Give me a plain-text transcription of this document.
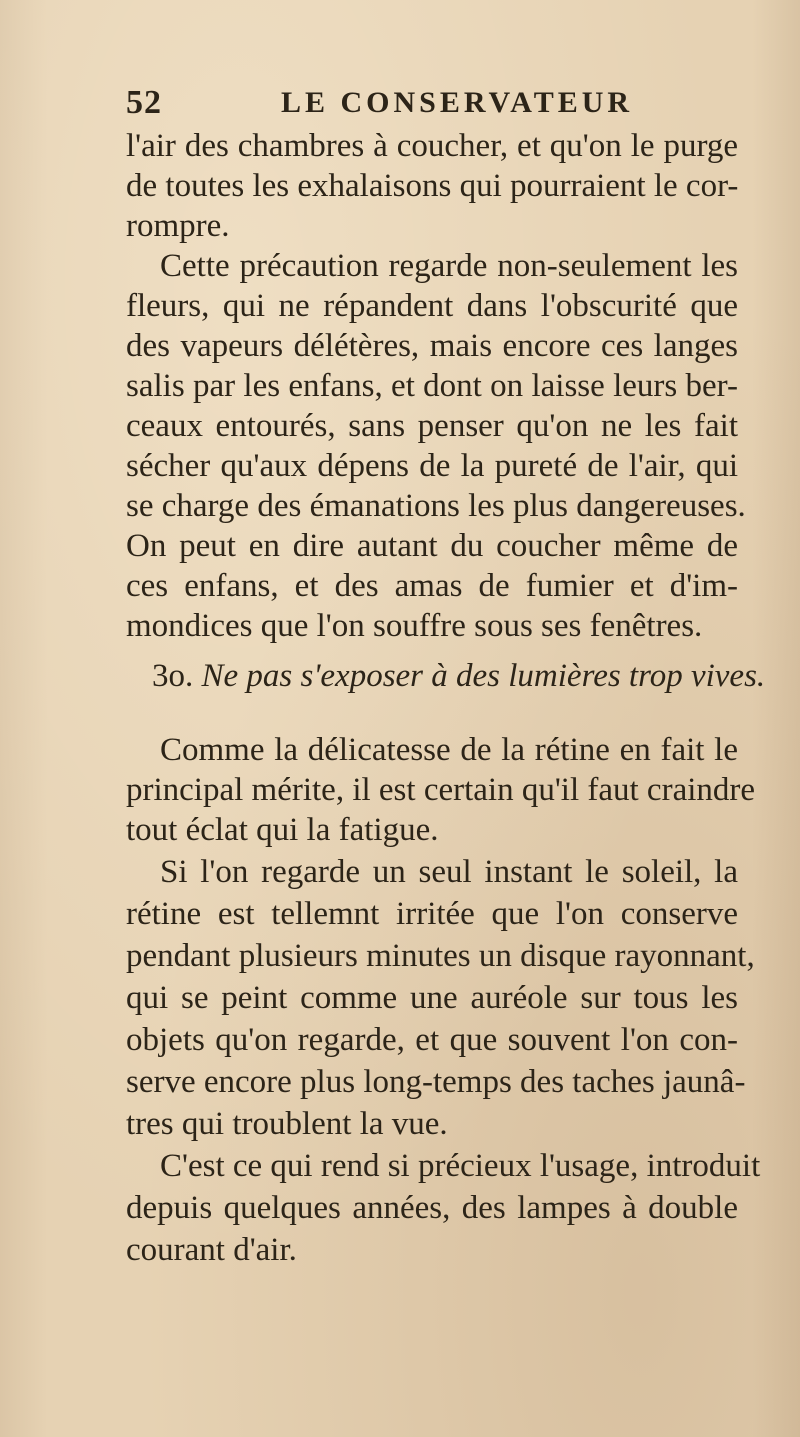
52	LE CONSERVATEUR
l'air des chambres à coucher, et qu'on le purge
de toutes les exhalaisons qui pourraient le cor-
rompre.
Cette précaution regarde non-seulement les
fleurs, qui ne répandent dans l'obscurité que
des vapeurs délétères, mais encore ces langes
salis par les enfans, et dont on laisse leurs ber-
ceaux entourés, sans penser qu'on ne les fait
sécher qu'aux dépens de la pureté de l'air, qui
se charge des émanations les plus dangereuses.
On peut en dire autant du coucher même de
ces enfans, et des amas de fumier et d'im-
mondices que l'on souffre sous ses fenêtres.
3o. Ne pas s'exposer à des lumières trop vives.
Comme la délicatesse de la rétine en fait le
principal mérite, il est certain qu'il faut craindre
tout éclat qui la fatigue.
Si l'on regarde un seul instant le soleil, la
rétine est tellemnt irritée que l'on conserve
pendant plusieurs minutes un disque rayonnant,
qui se peint comme une auréole sur tous les
objets qu'on regarde, et que souvent l'on con-
serve encore plus long-temps des taches jaunâ-
tres qui troublent la vue.
C'est ce qui rend si précieux l'usage, introduit
depuis quelques années, des lampes à double
courant d'air.
